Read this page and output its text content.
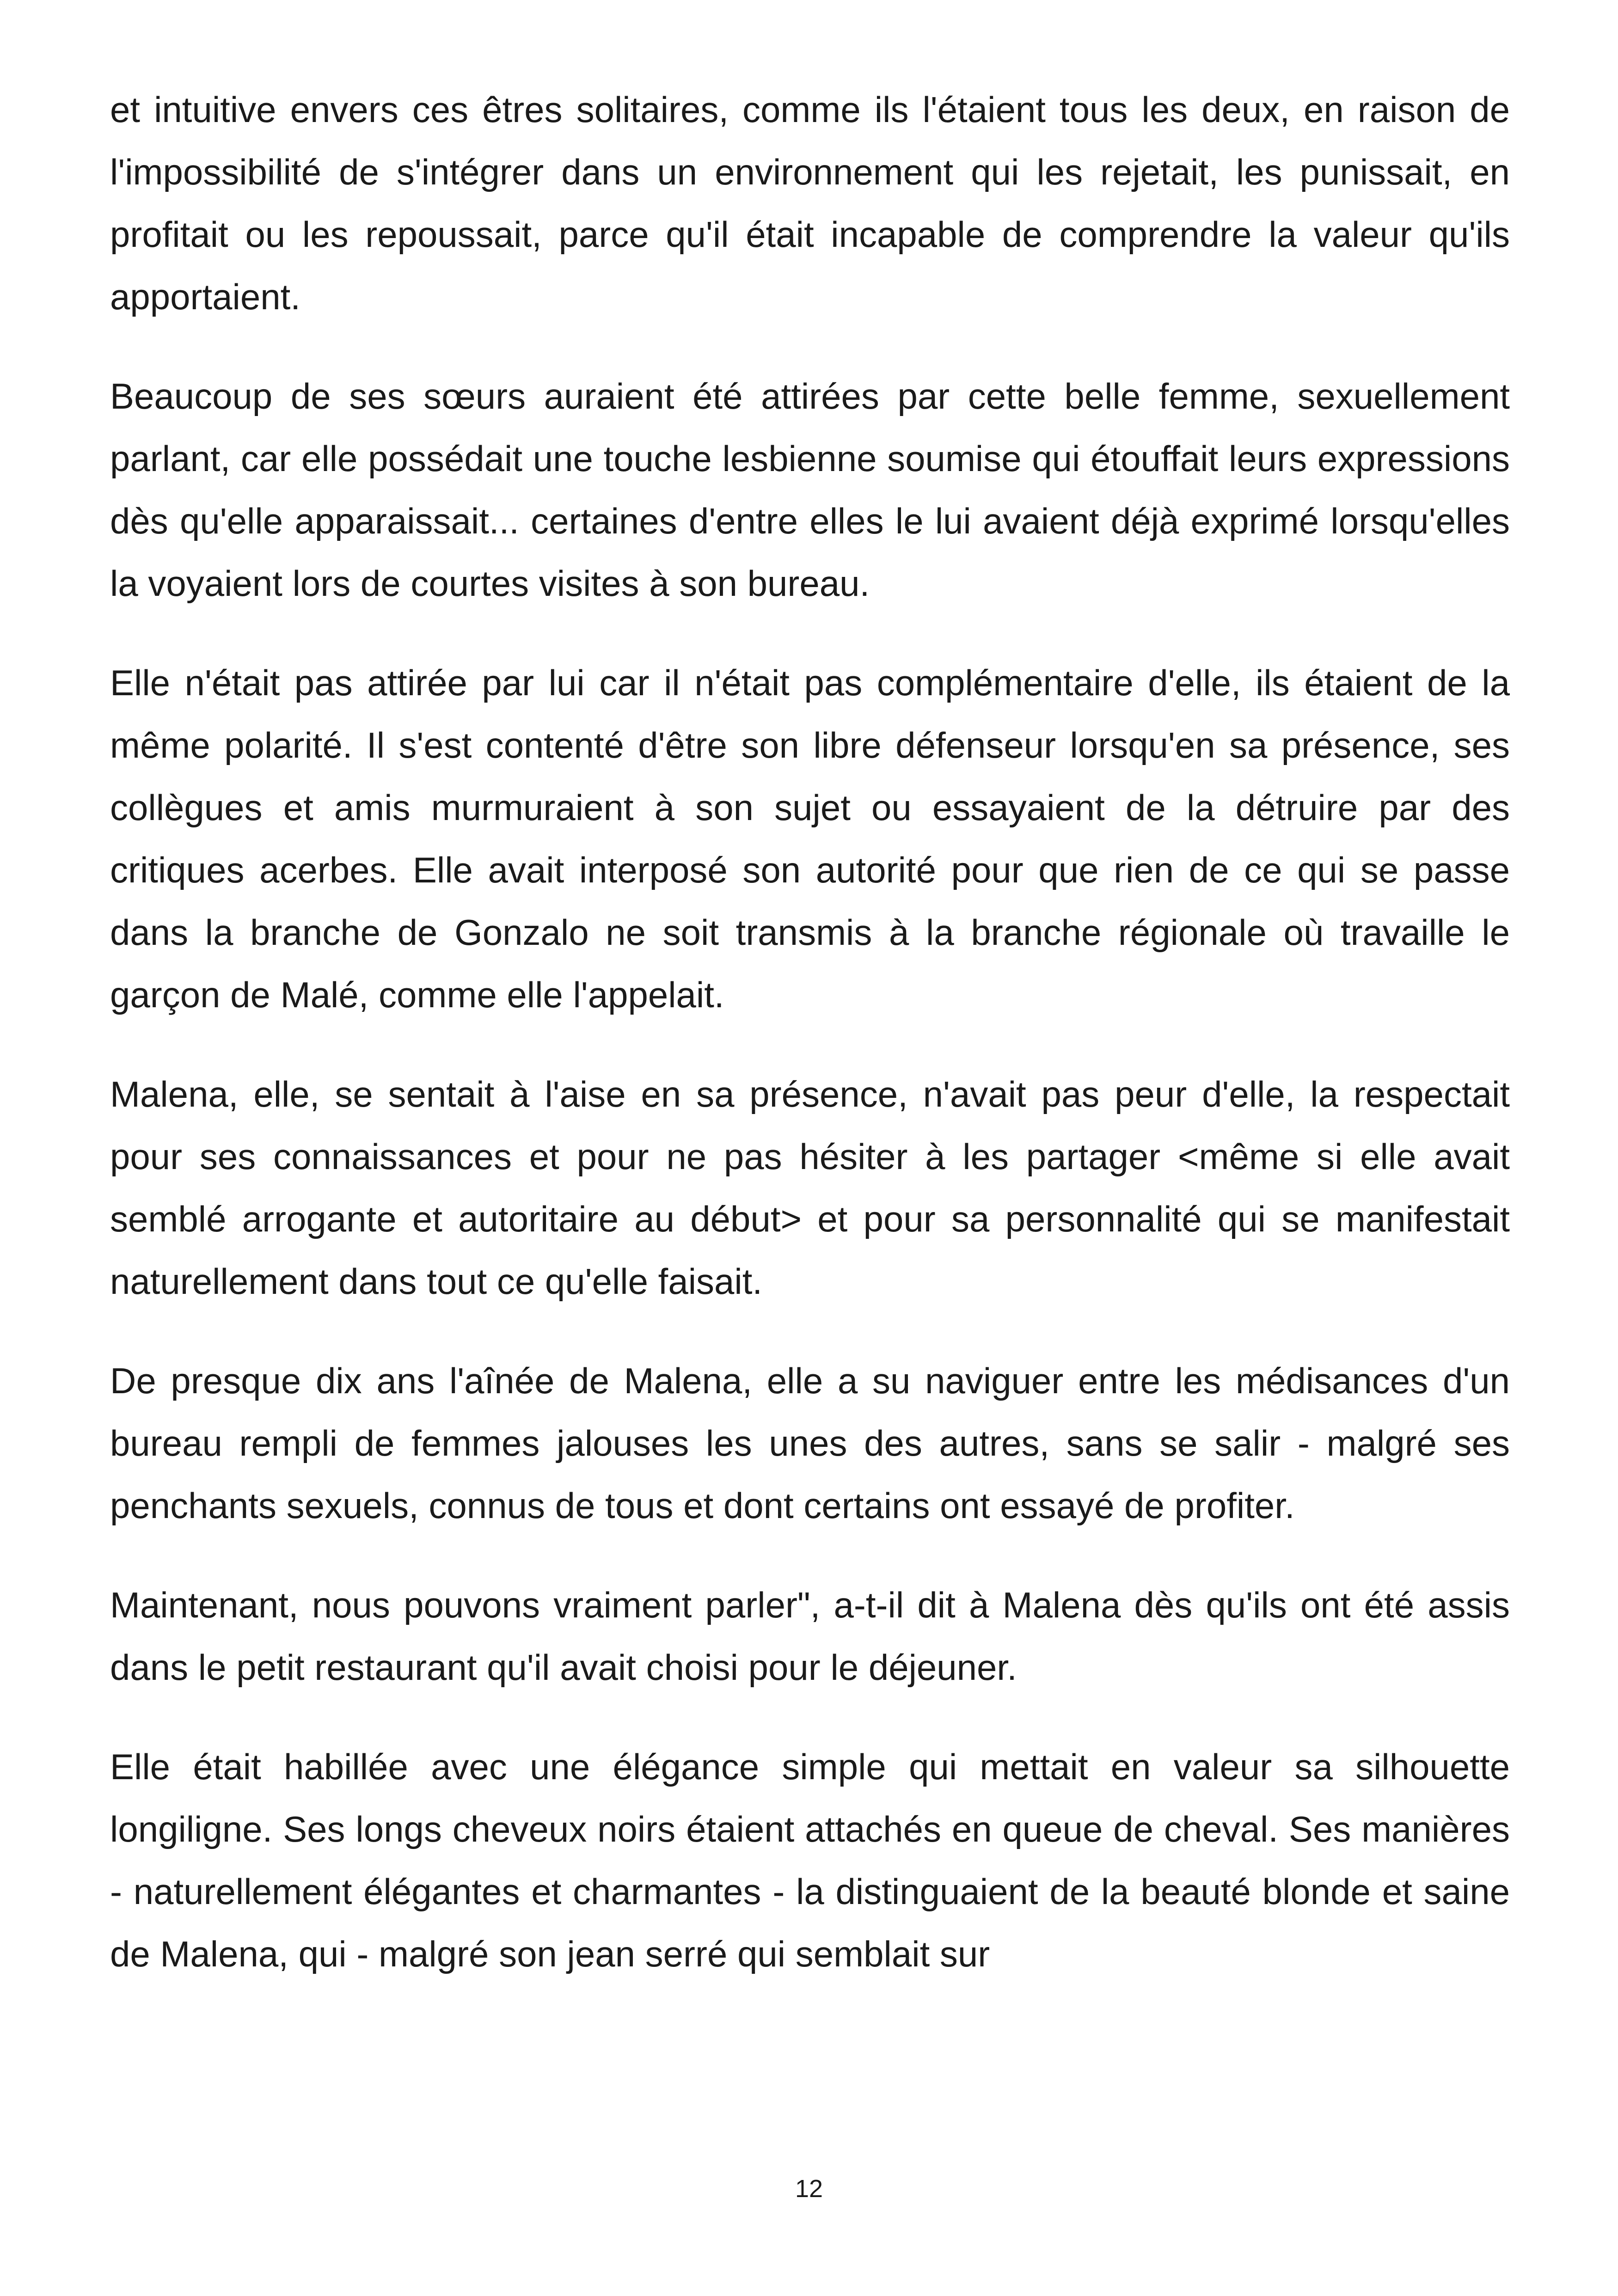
et intuitive envers ces êtres solitaires, comme ils l'étaient tous les deux, en raison de l'impossibilité de s'intégrer dans un environnement qui les rejetait, les punissait, en profitait ou les repoussait, parce qu'il était incapable de comprendre la valeur qu'ils apportaient.

Beaucoup de ses sœurs auraient été attirées par cette belle femme, sexuellement parlant, car elle possédait une touche lesbienne soumise qui étouffait leurs expressions dès qu'elle apparaissait... certaines d'entre elles le lui avaient déjà exprimé lorsqu'elles la voyaient lors de courtes visites à son bureau.

Elle n'était pas attirée par lui car il n'était pas complémentaire d'elle, ils étaient de la même polarité. Il s'est contenté d'être son libre défenseur lorsqu'en sa présence, ses collègues et amis murmuraient à son sujet ou essayaient de la détruire par des critiques acerbes. Elle avait interposé son autorité pour que rien de ce qui se passe dans la branche de Gonzalo ne soit transmis à la branche régionale où travaille le garçon de Malé, comme elle l'appelait.

Malena, elle, se sentait à l'aise en sa présence, n'avait pas peur d'elle, la respectait pour ses connaissances et pour ne pas hésiter à les partager <même si elle avait semblé arrogante et autoritaire au début> et pour sa personnalité qui se manifestait naturellement dans tout ce qu'elle faisait.

De presque dix ans l'aînée de Malena, elle a su naviguer entre les médisances d'un bureau rempli de femmes jalouses les unes des autres, sans se salir - malgré ses penchants sexuels, connus de tous et dont certains ont essayé de profiter.

Maintenant, nous pouvons vraiment parler", a-t-il dit à Malena dès qu'ils ont été assis dans le petit restaurant qu'il avait choisi pour le déjeuner.

Elle était habillée avec une élégance simple qui mettait en valeur sa silhouette longiligne. Ses longs cheveux noirs étaient attachés en queue de cheval. Ses manières - naturellement élégantes et charmantes - la distinguaient de la beauté blonde et saine de Malena, qui - malgré son jean serré qui semblait sur

12
